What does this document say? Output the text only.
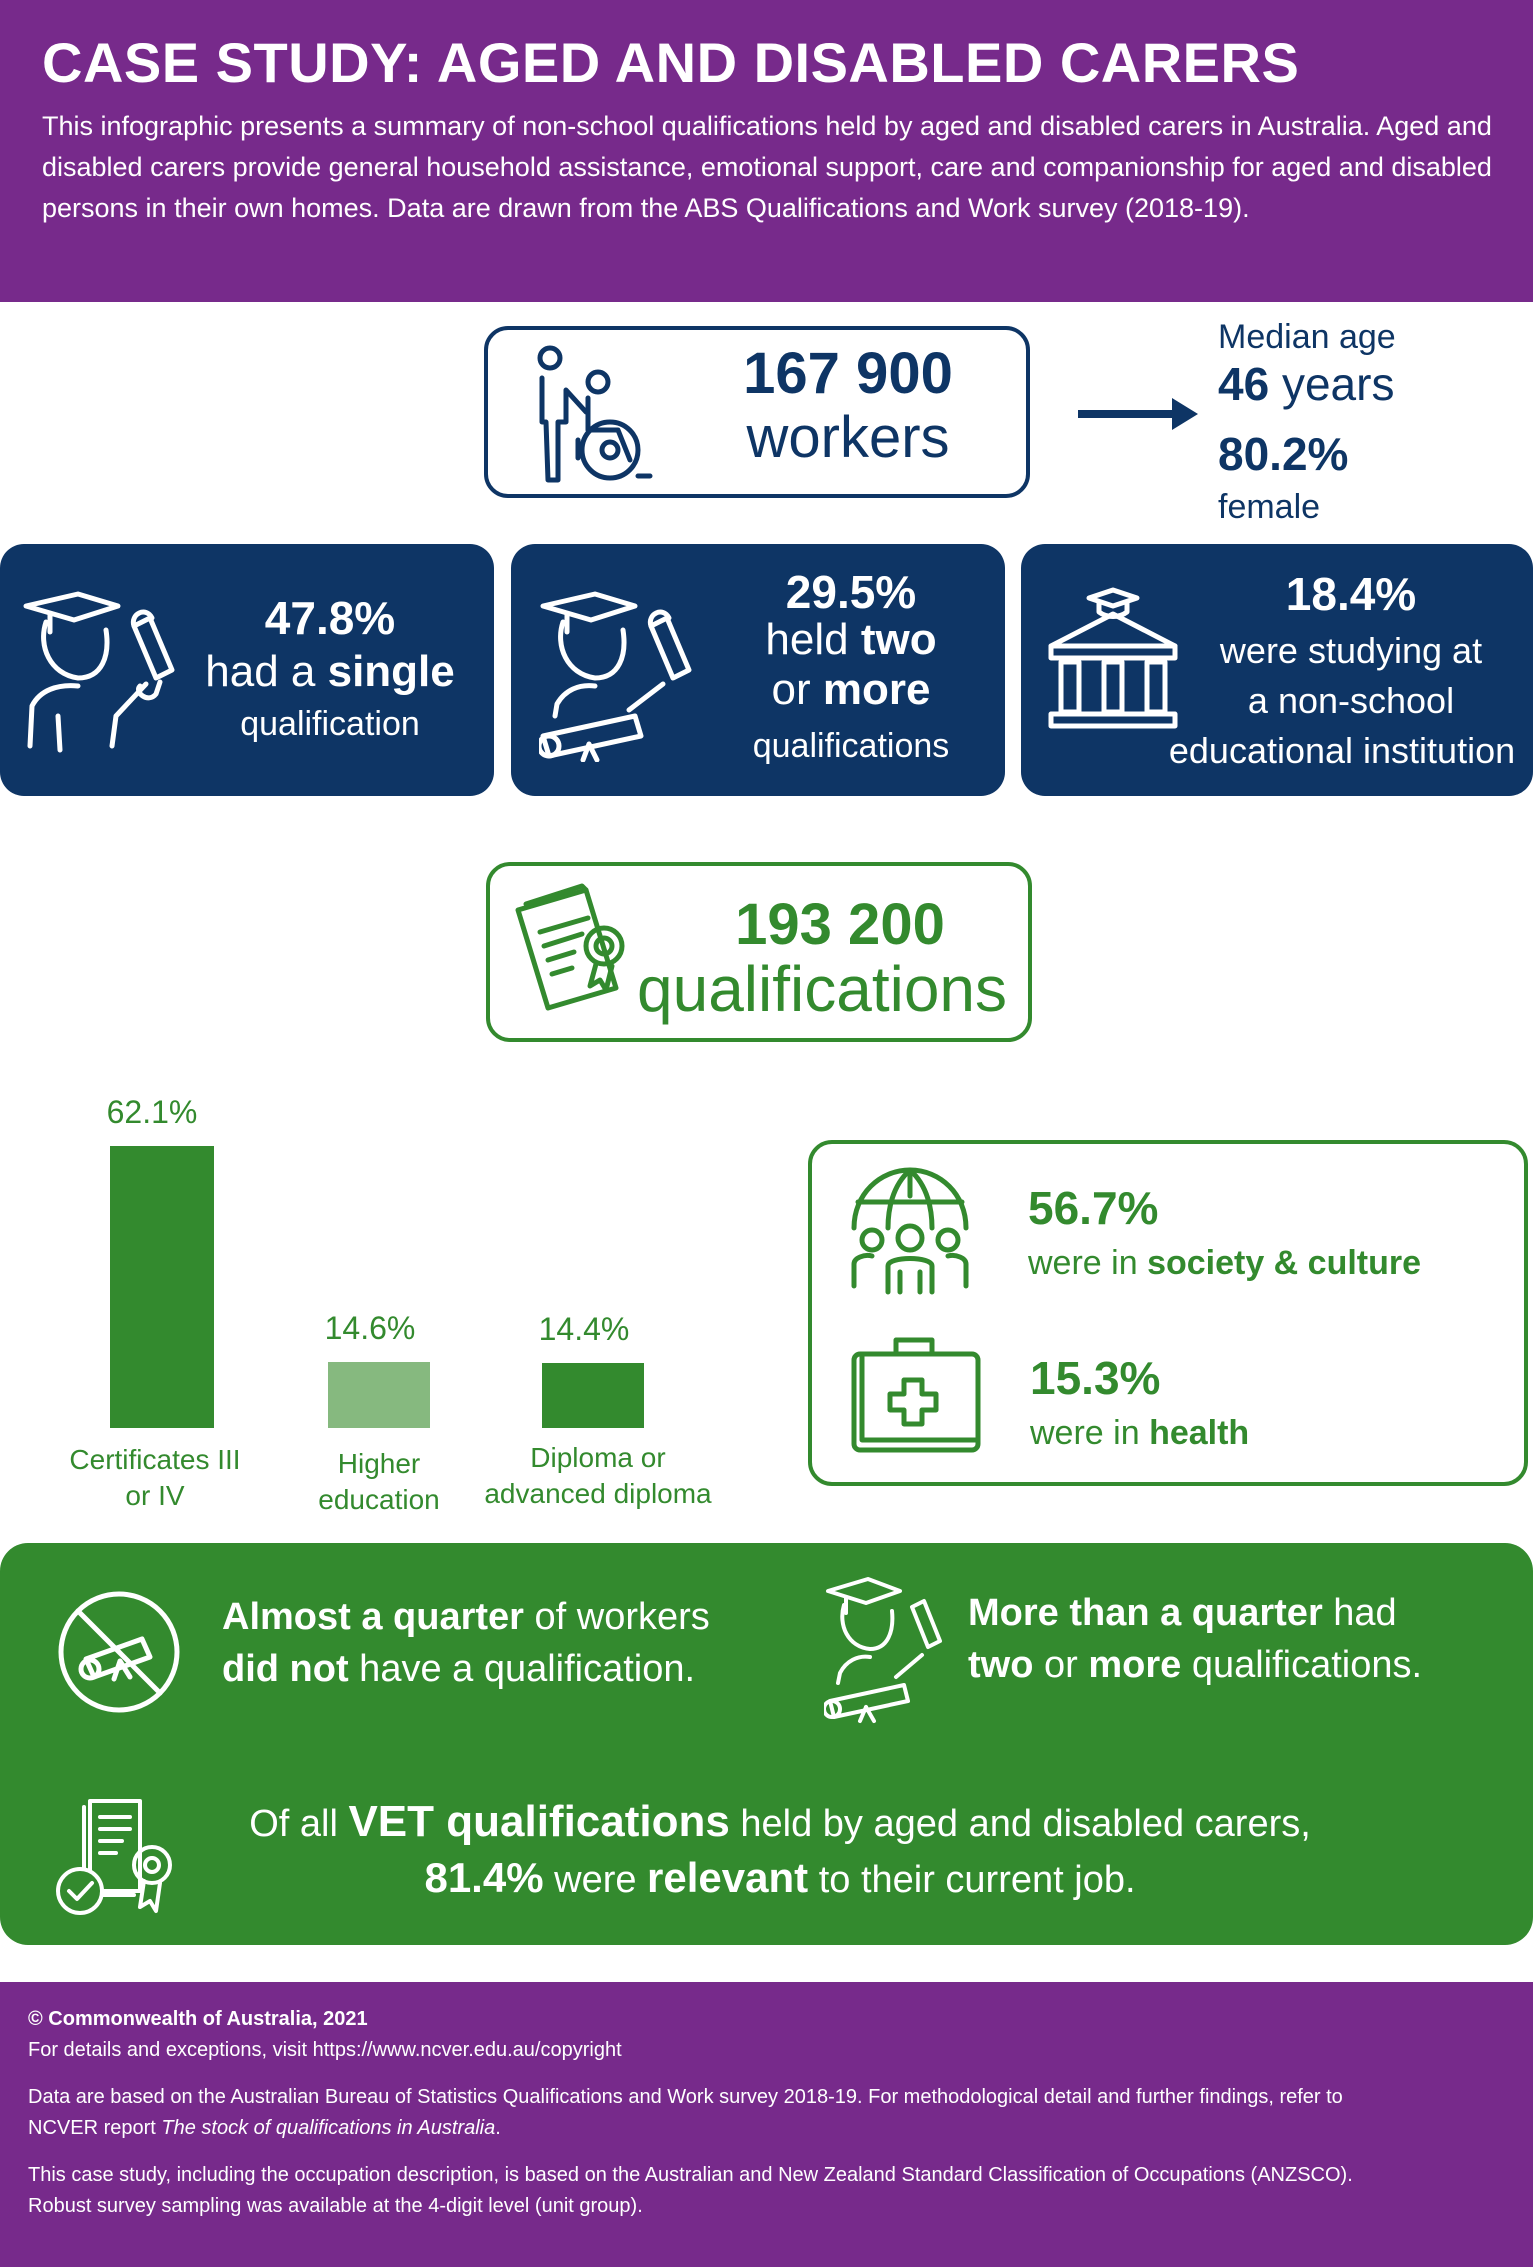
CASE STUDY: AGED AND DISABLED CARERS

This infographic presents a summary of non-school qualifications held by aged and disabled carers in Australia. Aged and disabled carers provide general household assistance, emotional support, care and companionship for aged and disabled persons in their own homes. Data are drawn from the ABS Qualifications and Work survey (2018-19).

167 900
workers
Median age
46 years
80.2%
female
47.8%
had a single
qualification
29.5%
held two
or more
qualifications
18.4%
were studying at
a non-school
educational institution
193 200
qualifications
62.1%
14.6%	14.4%
Certificates III
or IV
Higher
education
Diploma or
advanced diploma
56.7%
were in society & culture
15.3%
were in health
Almost a quarter of workers
did not have a qualification.
More than a quarter had
two or more qualifications.
Of all VET qualifications held by aged and disabled carers,
81.4% were relevant to their current job.
© Commonwealth of Australia, 2021
For details and exceptions, visit https://www.ncver.edu.au/copyright
Data are based on the Australian Bureau of Statistics Qualifications and Work survey 2018-19. For methodological detail and further findings, refer to
NCVER report The stock of qualifications in Australia.
This case study, including the occupation description, is based on the Australian and New Zealand Standard Classification of Occupations (ANZSCO).
Robust survey sampling was available at the 4-digit level (unit group).
